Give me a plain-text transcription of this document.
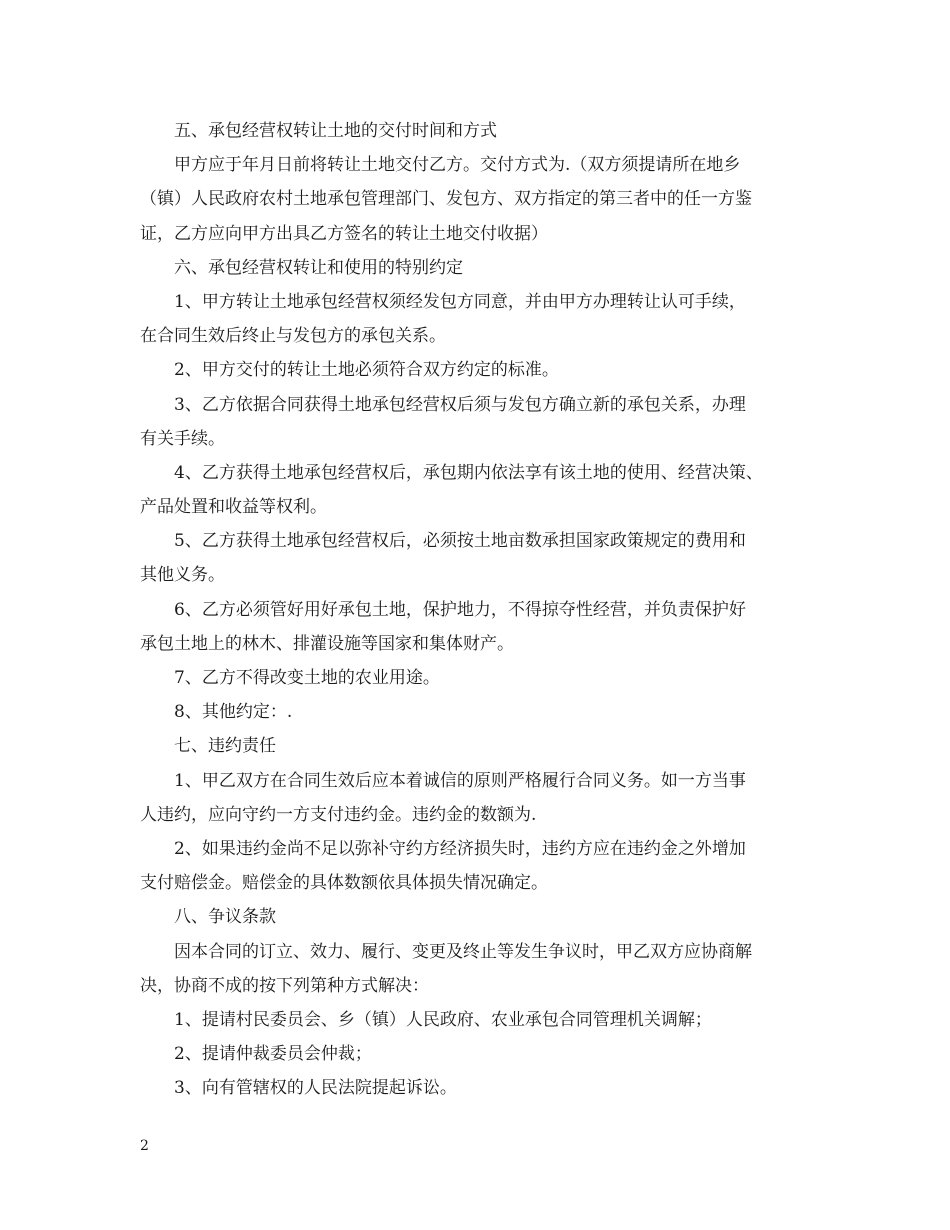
五、承包经营权转让土地的交付时间和方式
甲方应于年月日前将转让土地交付乙方。交付方式为.（双方须提请所在地乡
（镇）人民政府农村土地承包管理部门、发包方、双方指定的第三者中的任一方鉴
证，乙方应向甲方出具乙方签名的转让土地交付收据）
六、承包经营权转让和使用的特别约定
1、甲方转让土地承包经营权须经发包方同意，并由甲方办理转让认可手续，
在合同生效后终止与发包方的承包关系。
2、甲方交付的转让土地必须符合双方约定的标准。
3、乙方依据合同获得土地承包经营权后须与发包方确立新的承包关系，办理
有关手续。
4、乙方获得土地承包经营权后，承包期内依法享有该土地的使用、经营决策、
产品处置和收益等权利。
5、乙方获得土地承包经营权后，必须按土地亩数承担国家政策规定的费用和
其他义务。
6、乙方必须管好用好承包土地，保护地力，不得掠夺性经营，并负责保护好
承包土地上的林木、排灌设施等国家和集体财产。
7、乙方不得改变土地的农业用途。
8、其他约定：.
七、违约责任
1、甲乙双方在合同生效后应本着诚信的原则严格履行合同义务。如一方当事
人违约，应向守约一方支付违约金。违约金的数额为.
2、如果违约金尚不足以弥补守约方经济损失时，违约方应在违约金之外增加
支付赔偿金。赔偿金的具体数额依具体损失情况确定。
八、争议条款
因本合同的订立、效力、履行、变更及终止等发生争议时，甲乙双方应协商解
决，协商不成的按下列第种方式解决：
1、提请村民委员会、乡（镇）人民政府、农业承包合同管理机关调解；
2、提请仲裁委员会仲裁；
3、向有管辖权的人民法院提起诉讼。
2
